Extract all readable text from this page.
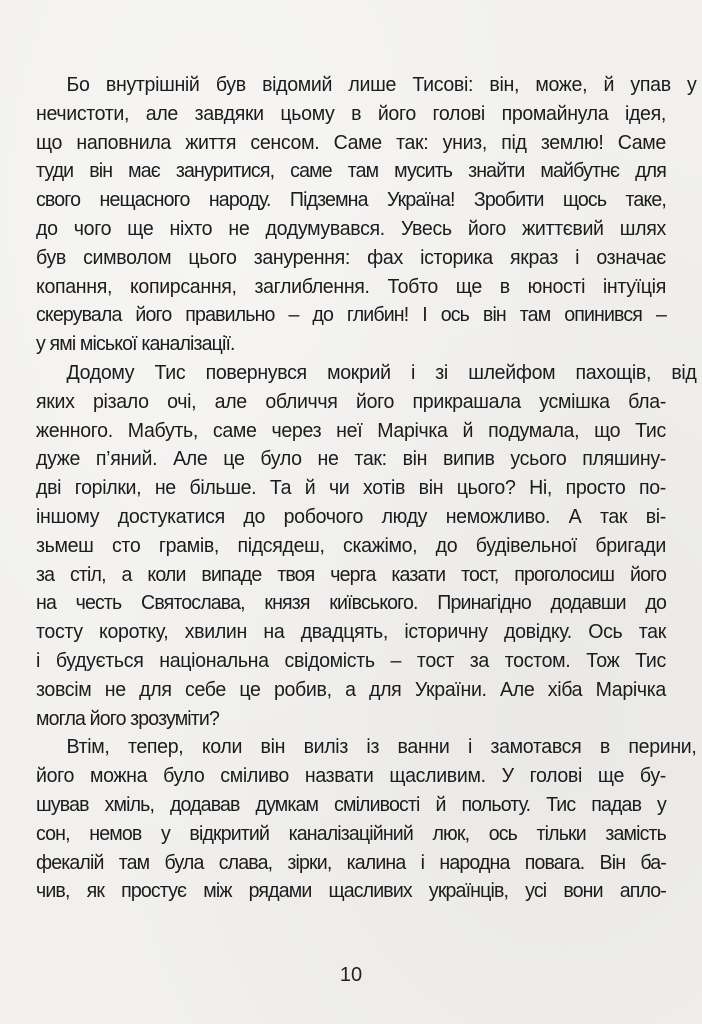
Бо внутрішній був відомий лише Тисові: він, може, й упав у
нечистоти, але завдяки цьому в його голові промайнула ідея,
що наповнила життя сенсом. Саме так: униз, під землю! Саме
туди він має зануритися, саме там мусить знайти майбутнє для
свого нещасного народу. Підземна Україна! Зробити щось таке,
до чого ще ніхто не додумувався. Увесь його життєвий шлях
був символом цього занурення: фах історика якраз і означає
копання, копирсання, заглиблення. Тобто ще в юності інтуїція
скерувала його правильно – до глибин! І ось він там опинився –
у ямі міської каналізації.
Додому Тис повернувся мокрий і зі шлейфом пахощів, від
яких різало очі, але обличчя його прикрашала усмішка бла-
женного. Мабуть, саме через неї Марічка й подумала, що Тис
дуже п’яний. Але це було не так: він випив усього пляшину-
дві горілки, не більше. Та й чи хотів він цього? Ні, просто по-
іншому достукатися до робочого люду неможливо. А так ві-
зьмеш сто грамів, підсядеш, скажімо, до будівельної бригади
за стіл, а коли випаде твоя черга казати тост, проголосиш його
на честь Святослава, князя київського. Принагідно додавши до
тосту коротку, хвилин на двадцять, історичну довідку. Ось так
і будується національна свідомість – тост за тостом. Тож Тис
зовсім не для себе це робив, а для України. Але хіба Марічка
могла його зрозуміти?
Втім, тепер, коли він виліз із ванни і замотався в перини,
його можна було сміливо назвати щасливим. У голові ще бу-
шував хміль, додавав думкам сміливості й польоту. Тис падав у
сон, немов у відкритий каналізаційний люк, ось тільки замість
фекалій там була слава, зірки, калина і народна повага. Він ба-
чив, як простує між рядами щасливих українців, усі вони апло-
10
